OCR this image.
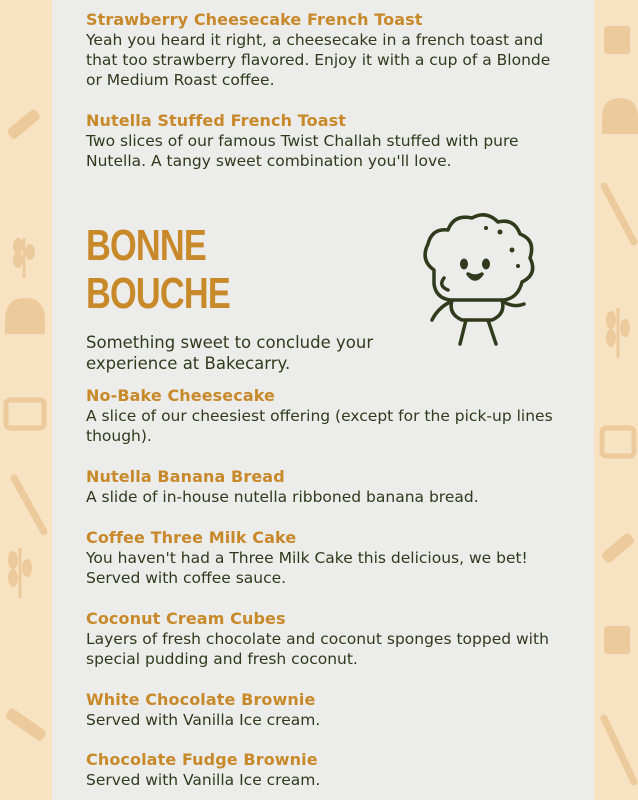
Strawberry Cheesecake French Toast
Yeah you heard it right, a cheesecake in a french toast and that too strawberry flavored. Enjoy it with a cup of a Blonde or Medium Roast coffee.
Nutella Stuffed French Toast
Two slices of our famous Twist Challah stuffed with pure Nutella. A tangy sweet combination you'll love.
BONNE
BOUCHE
Something sweet to conclude your experience at Bakecarry.
No-Bake Cheesecake
A slice of our cheesiest offering (except for the pick-up lines though).
Nutella Banana Bread
A slide of in-house nutella ribboned banana bread.
Coffee Three Milk Cake
You haven't had a Three Milk Cake this delicious, we bet! Served with coffee sauce.
Coconut Cream Cubes
Layers of fresh chocolate and coconut sponges topped with special pudding and fresh coconut.
White Chocolate Brownie
Served with Vanilla Ice cream.
Chocolate Fudge Brownie
Served with Vanilla Ice cream.
